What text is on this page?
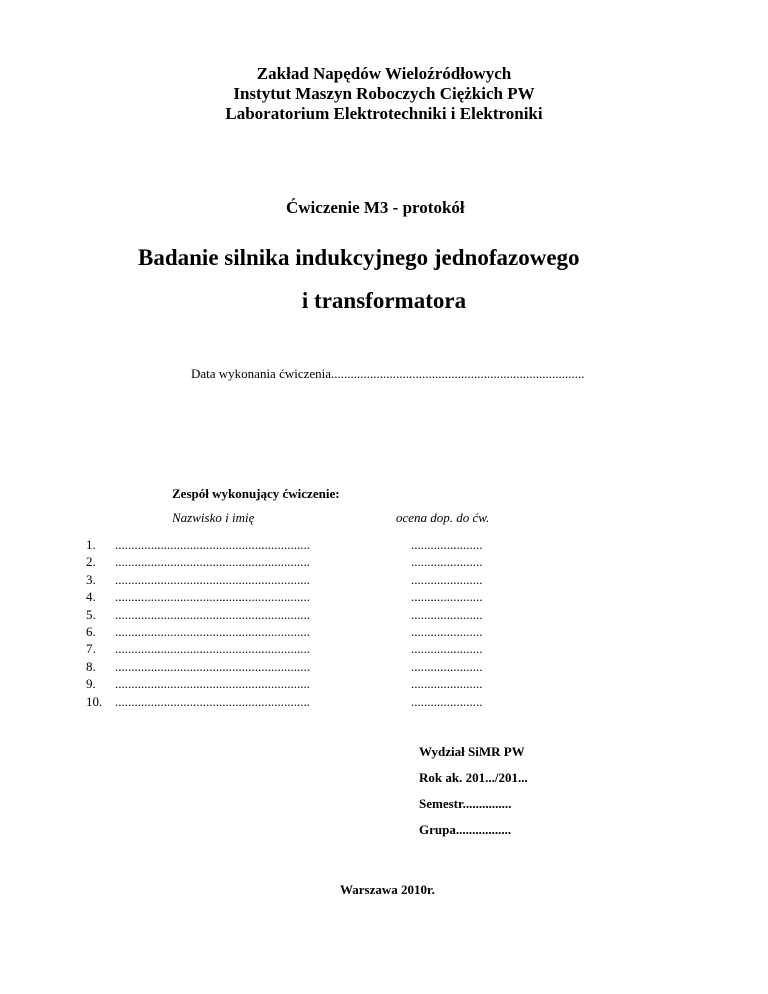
Zakład Napędów Wieloźródłowych
Instytut Maszyn Roboczych Ciężkich PW
Laboratorium Elektrotechniki i Elektroniki
Ćwiczenie M3 - protokół
Badanie silnika indukcyjnego jednofazowego
i transformatora
Data wykonania ćwiczenia..............................................................................
Zespół wykonujący ćwiczenie:
Nazwisko i imię	ocena dop. do ćw.
1.	............................................................	......................
2.	............................................................	......................
3.	............................................................	......................
4.	............................................................	......................
5.	............................................................	......................
6.	............................................................	......................
7.	............................................................	......................
8.	............................................................	......................
9.	............................................................	......................
10. ............................................................	......................
Wydział SiMR PW
Rok ak. 201.../201...
Semestr...............
Grupa.................
Warszawa 2010r.
